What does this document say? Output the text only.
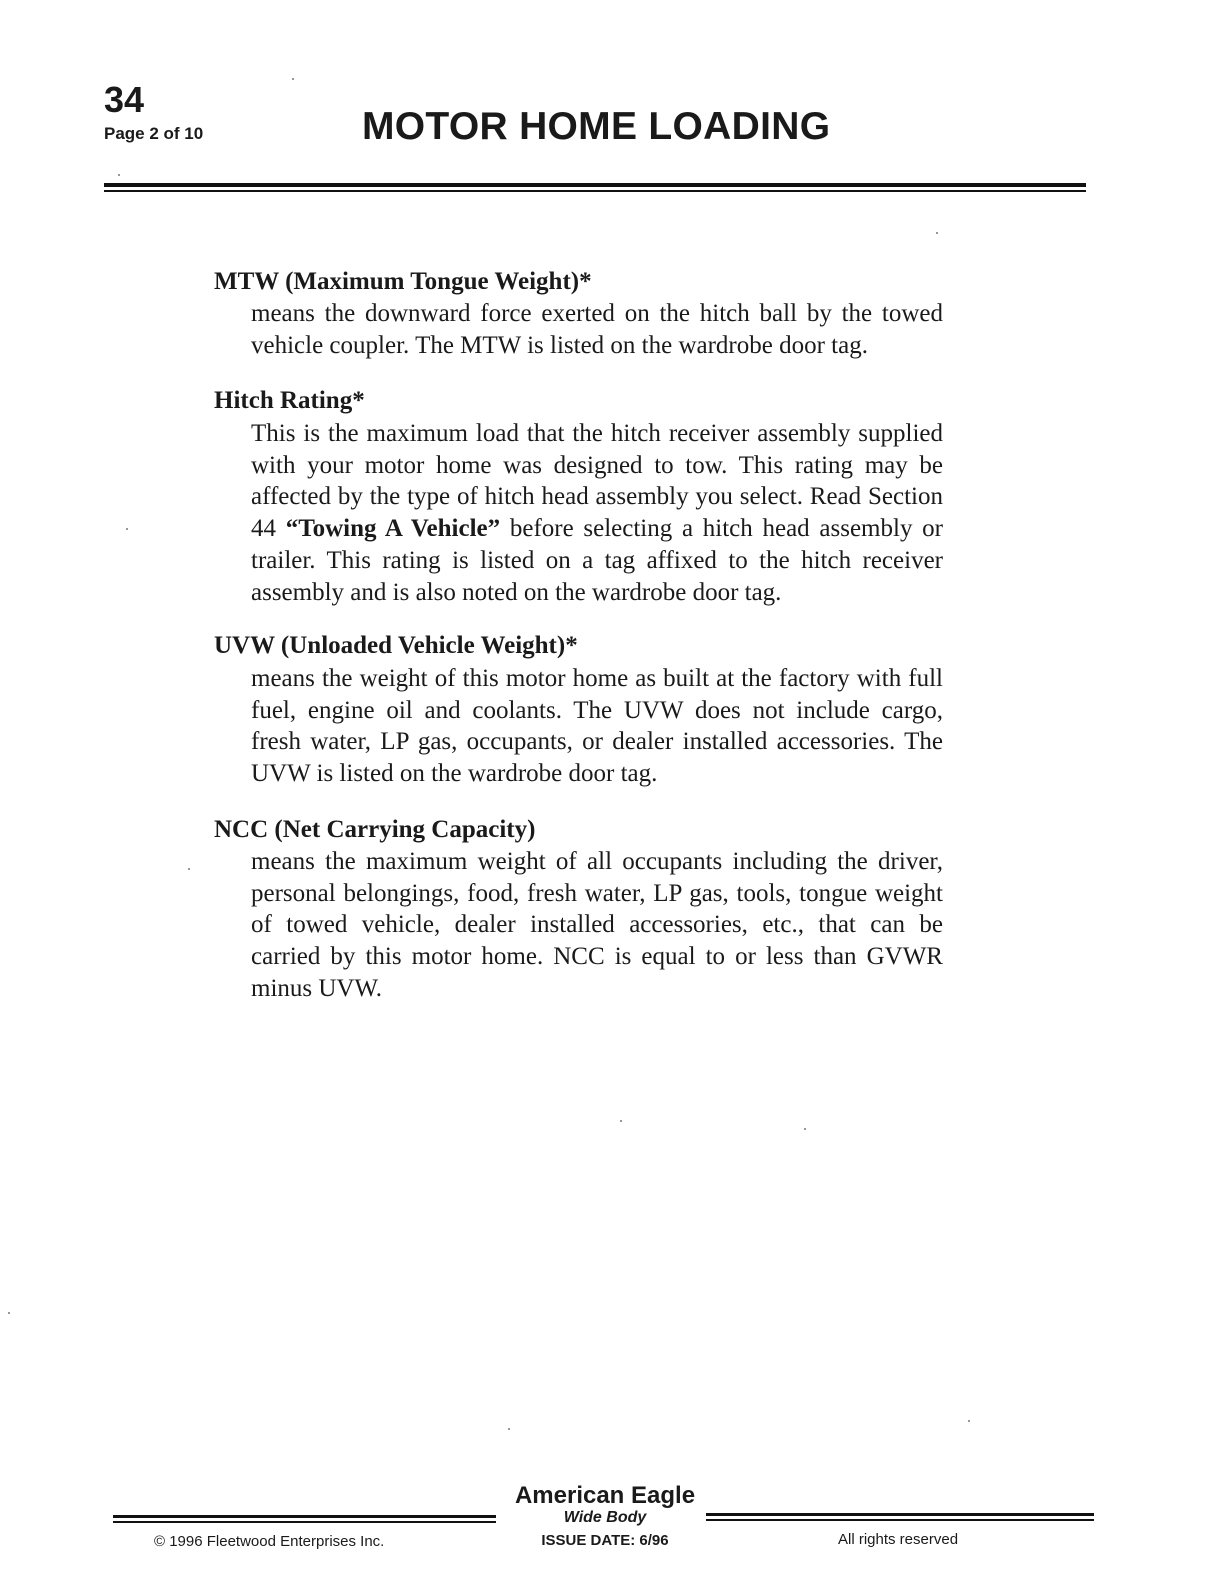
34
Page 2 of 10	MOTOR HOME LOADING
MTW (Maximum Tongue Weight)*
means the downward force exerted on the hitch ball by the towed vehicle coupler. The MTW is listed on the wardrobe door tag.
Hitch Rating*
This is the maximum load that the hitch receiver assembly supplied with your motor home was designed to tow. This rating may be affected by the type of hitch head assembly you select. Read Section 44 “Towing A Vehicle” before selecting a hitch head assembly or trailer. This rating is listed on a tag affixed to the hitch receiver assembly and is also noted on the wardrobe door tag.
UVW (Unloaded Vehicle Weight)*
means the weight of this motor home as built at the factory with full fuel, engine oil and coolants. The UVW does not include cargo, fresh water, LP gas, occupants, or dealer installed accessories. The UVW is listed on the wardrobe door tag.
NCC (Net Carrying Capacity)
means the maximum weight of all occupants including the driver, personal belongings, food, fresh water, LP gas, tools, tongue weight of towed vehicle, dealer installed accessories, etc., that can be carried by this motor home. NCC is equal to or less than GVWR minus UVW.
American Eagle
Wide Body
ISSUE DATE: 6/96
© 1996 Fleetwood Enterprises Inc.	All rights reserved
